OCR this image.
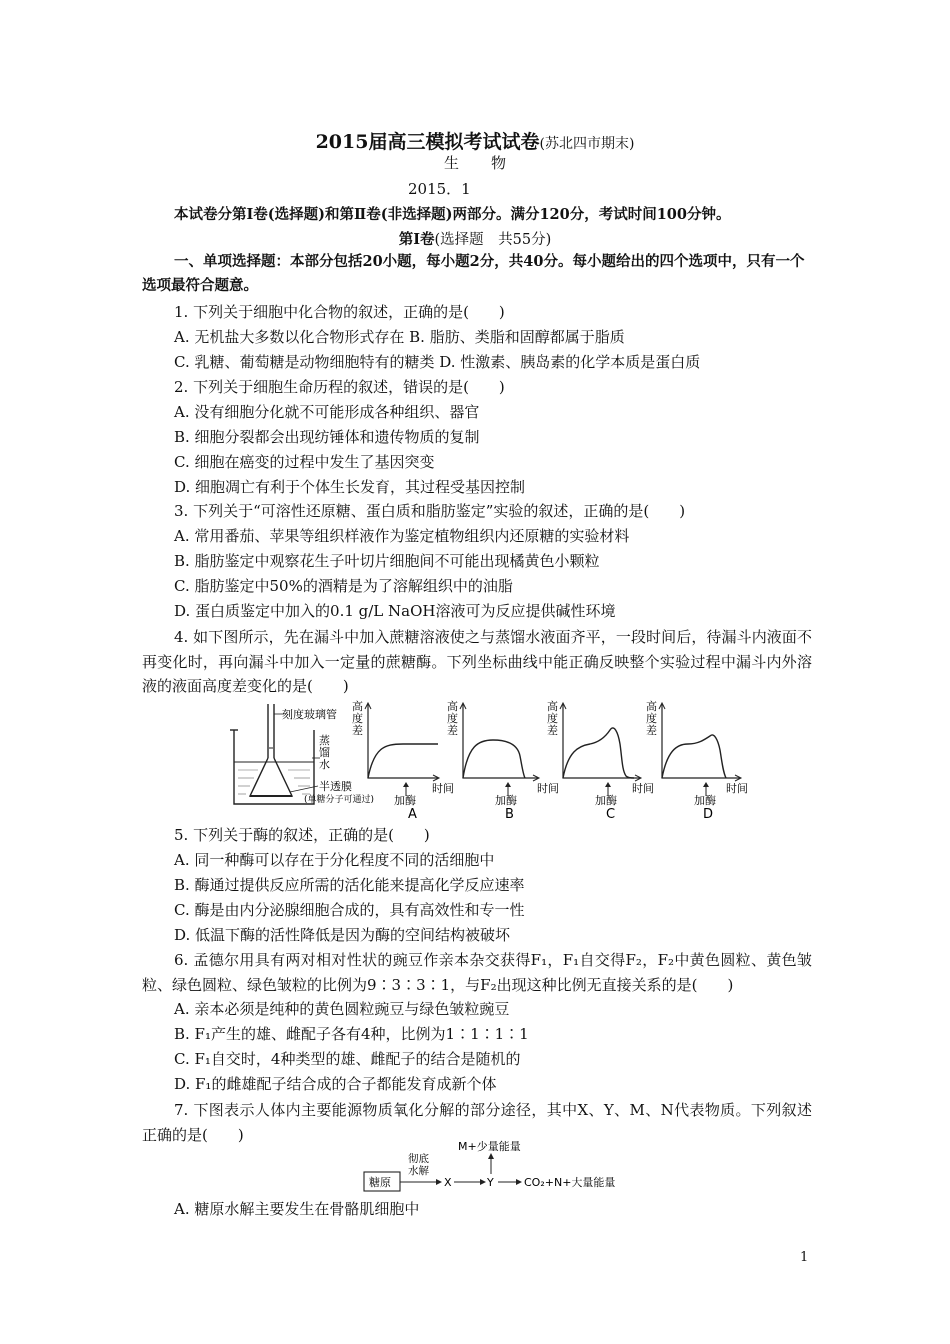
2015届高三模拟考试试卷(苏北四市期末)
生物
2015．1
本试卷分第Ⅰ卷(选择题)和第Ⅱ卷(非选择题)两部分。满分120分，考试时间100分钟。
第Ⅰ卷(选择题　共55分)
一、单项选择题：本部分包括20小题，每小题2分，共40分。每小题给出的四个选项中，只有一个选项最符合题意。
1. 下列关于细胞中化合物的叙述，正确的是(　　)
A. 无机盐大多数以化合物形式存在 B. 脂肪、类脂和固醇都属于脂质
C. 乳糖、葡萄糖是动物细胞特有的糖类 D. 性激素、胰岛素的化学本质是蛋白质
2. 下列关于细胞生命历程的叙述，错误的是(　　)
A. 没有细胞分化就不可能形成各种组织、器官
B. 细胞分裂都会出现纺锤体和遗传物质的复制
C. 细胞在癌变的过程中发生了基因突变
D. 细胞凋亡有利于个体生长发育，其过程受基因控制
3. 下列关于“可溶性还原糖、蛋白质和脂肪鉴定”实验的叙述，正确的是(　　)
A. 常用番茄、苹果等组织样液作为鉴定植物组织内还原糖的实验材料
B. 脂肪鉴定中观察花生子叶切片细胞间不可能出现橘黄色小颗粒
C. 脂肪鉴定中50%的酒精是为了溶解组织中的油脂
D. 蛋白质鉴定中加入的0.1 g/L NaOH溶液可为反应提供碱性环境
4. 如下图所示，先在漏斗中加入蔗糖溶液使之与蒸馏水液面齐平，一段时间后，待漏斗内液面不再变化时，再向漏斗中加入一定量的蔗糖酶。下列坐标曲线中能正确反映整个实验过程中漏斗内外溶液的液面高度差变化的是(　　)
刻度玻璃管
蒸
馏
水
半透膜
(单糖分子可通过)
A
时间
加酶
高
度
差
时间
加酶
B
高
度
差
时间
加酶
C
高
度
差
时间
加酶
D
高
度
差
5. 下列关于酶的叙述，正确的是(　　)
A. 同一种酶可以存在于分化程度不同的活细胞中
B. 酶通过提供反应所需的活化能来提高化学反应速率
C. 酶是由内分泌腺细胞合成的，具有高效性和专一性
D. 低温下酶的活性降低是因为酶的空间结构被破坏
6. 孟德尔用具有两对相对性状的豌豆作亲本杂交获得F₁，F₁自交得F₂，F₂中黄色圆粒、黄色皱粒、绿色圆粒、绿色皱粒的比例为9∶3∶3∶1，与F₂出现这种比例无直接关系的是(　　)
A. 亲本必须是纯种的黄色圆粒豌豆与绿色皱粒豌豆
B. F₁产生的雄、雌配子各有4种，比例为1∶1∶1∶1
C. F₁自交时，4种类型的雄、雌配子的结合是随机的
D. F₁的雌雄配子结合成的合子都能发育成新个体
7. 下图表示人体内主要能源物质氧化分解的部分途径，其中X、Y、M、N代表物质。下列叙述正确的是(　　)
糖原
彻底
水解
X	Y
M+少量能量
CO₂+N+大量能量
A. 糖原水解主要发生在骨骼肌细胞中
1
